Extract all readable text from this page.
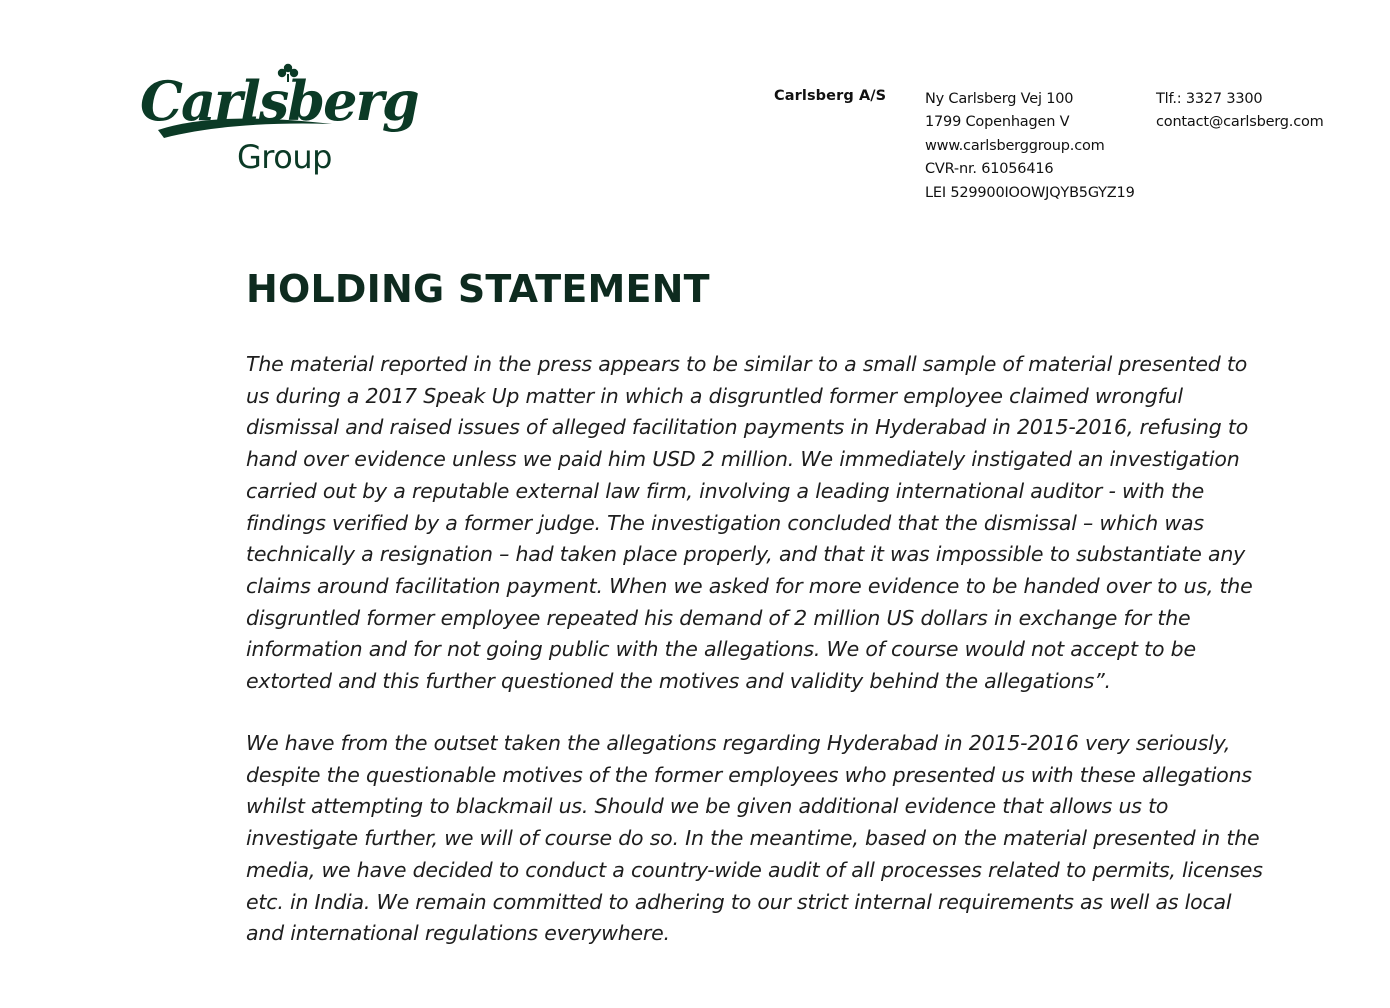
Carlsberg
Group
Carlsberg A/S	Ny Carlsberg Vej 100
1799 Copenhagen V
www.carlsberggroup.com
CVR-nr. 61056416
LEI 529900IOOWJQYB5GYZ19
Tlf.: 3327 3300
contact@carlsberg.com
HOLDING STATEMENT

The material reported in the press appears to be similar to a small sample of material presented to
us during a 2017 Speak Up matter in which a disgruntled former employee claimed wrongful
dismissal and raised issues of alleged facilitation payments in Hyderabad in 2015-2016, refusing to
hand over evidence unless we paid him USD 2 million. We immediately instigated an investigation
carried out by a reputable external law firm, involving a leading international auditor - with the
findings verified by a former judge. The investigation concluded that the dismissal – which was
technically a resignation – had taken place properly, and that it was impossible to substantiate any
claims around facilitation payment. When we asked for more evidence to be handed over to us, the
disgruntled former employee repeated his demand of 2 million US dollars in exchange for the
information and for not going public with the allegations. We of course would not accept to be
extorted and this further questioned the motives and validity behind the allegations”.

We have from the outset taken the allegations regarding Hyderabad in 2015-2016 very seriously,
despite the questionable motives of the former employees who presented us with these allegations
whilst attempting to blackmail us. Should we be given additional evidence that allows us to
investigate further, we will of course do so. In the meantime, based on the material presented in the
media, we have decided to conduct a country-wide audit of all processes related to permits, licenses
etc. in India. We remain committed to adhering to our strict internal requirements as well as local
and international regulations everywhere.
